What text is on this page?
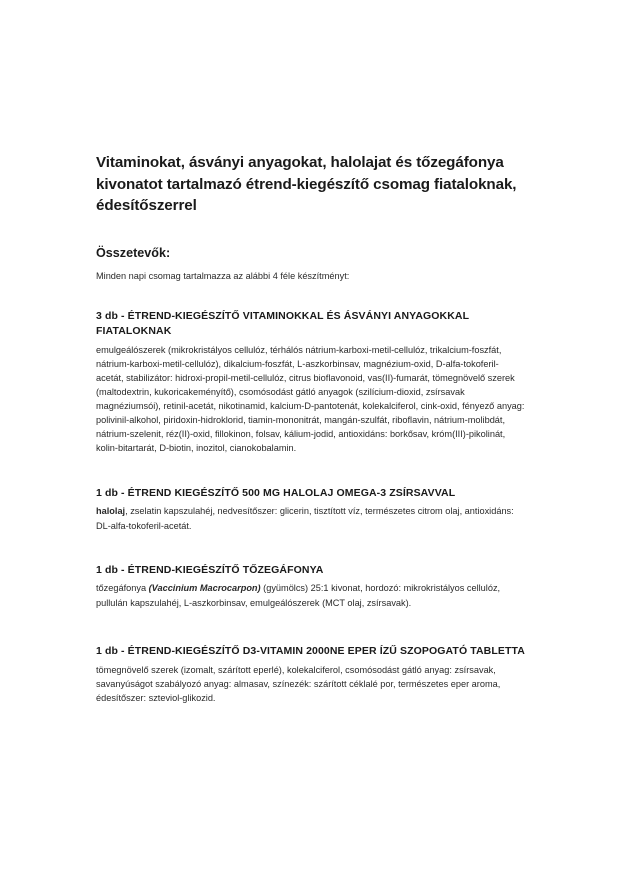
Vitaminokat, ásványi anyagokat, halolajat és tőzegáfonya kivonatot tartalmazó étrend-kiegészítő csomag fiataloknak, édesítőszerrel
Összetevők:

Minden napi csomag tartalmazza az alábbi 4 féle készítményt:

3 db - ÉTREND-KIEGÉSZÍTŐ VITAMINOKKAL ÉS ÁSVÁNYI ANYAGOKKAL FIATALOKNAK

emulgeálószerek (mikrokristályos cellulóz, térhálós nátrium-karboxi-metil-cellulóz, trikalcium-foszfát, nátrium-karboxi-metil-cellulóz), dikalcium-foszfát, L-aszkorbinsav, magnézium-oxid, D-alfa-tokoferil-acetát, stabilizátor: hidroxi-propil-metil-cellulóz, citrus bioflavonoid, vas(II)-fumarát, tömegnövelő szerek (maltodextrin, kukoricakeményítő), csomósodást gátló anyagok (szilícium-dioxid, zsírsavak magnéziumsói), retinil-acetát, nikotinamid, kalcium-D-pantotenát, kolekalciferol, cink-oxid, fényező anyag: polivinil-alkohol, piridoxin-hidroklorid, tiamin-mononitrát, mangán-szulfát, riboflavin, nátrium-molibdát, nátrium-szelenit, réz(II)-oxid, fillokinon, folsav, kálium-jodid, antioxidáns: borkősav, króm(III)-pikolinát, kolin-bitartarát, D-biotin, inozitol, cianokobalamin.

1 db - ÉTREND KIEGÉSZÍTŐ 500 MG HALOLAJ OMEGA-3 ZSÍRSAVVAL

halolaj, zselatin kapszulahéj, nedvesítőszer: glicerin, tisztított víz, természetes citrom olaj, antioxidáns: DL-alfa-tokoferil-acetát.

1 db - ÉTREND-KIEGÉSZÍTŐ TŐZEGÁFONYA

tőzegáfonya (Vaccinium Macrocarpon) (gyümölcs) 25:1 kivonat, hordozó: mikrokristályos cellulóz, pullulán kapszulahéj, L-aszkorbinsav, emulgeálószerek (MCT olaj, zsírsavak).

1 db - ÉTREND-KIEGÉSZÍTŐ D3-VITAMIN 2000NE EPER ÍZŰ SZOPOGATÓ TABLETTA

tömegnövelő szerek (izomalt, szárított eperlé), kolekalciferol, csomósodást gátló anyag: zsírsavak, savanyúságot szabályozó anyag: almasav, színezék: szárított céklalé por, természetes eper aroma, édesítőszer: szteviol-glikozid.
